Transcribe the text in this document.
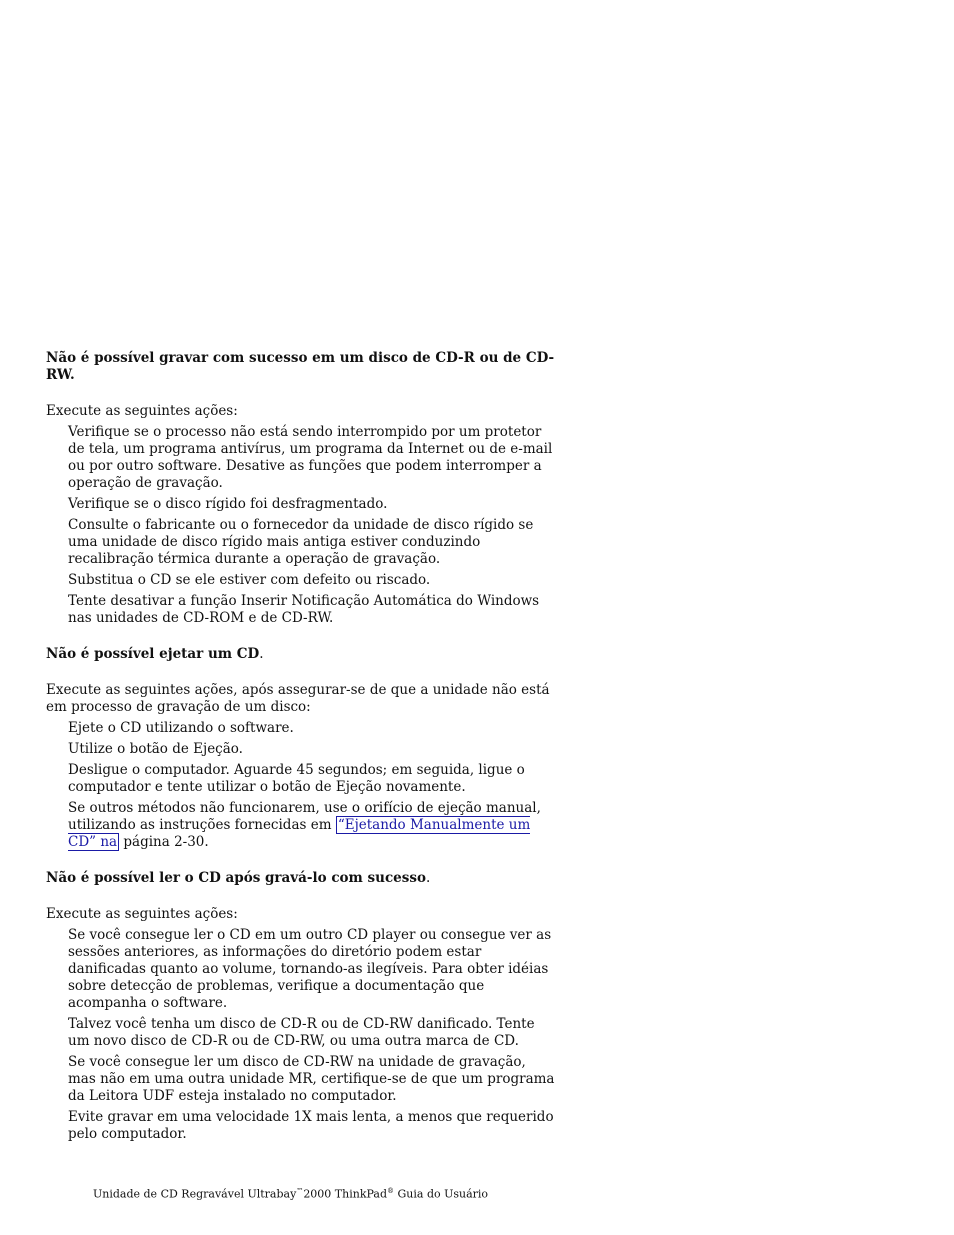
Não é possível gravar com sucesso em um disco de CD-R ou de CD-RW.

Execute as seguintes ações:

Verifique se o processo não está sendo interrompido por um protetor de tela, um programa antivírus, um programa da Internet ou de e-mail ou por outro software. Desative as funções que podem interromper a operação de gravação.

Verifique se o disco rígido foi desfragmentado.

Consulte o fabricante ou o fornecedor da unidade de disco rígido se uma unidade de disco rígido mais antiga estiver conduzindo recalibração térmica durante a operação de gravação.

Substitua o CD se ele estiver com defeito ou riscado.

Tente desativar a função Inserir Notificação Automática do Windows nas unidades de CD-ROM e de CD-RW.

Não é possível ejetar um CD.

Execute as seguintes ações, após assegurar-se de que a unidade não está em processo de gravação de um disco:

Ejete o CD utilizando o software.

Utilize o botão de Ejeção.

Desligue o computador. Aguarde 45 segundos; em seguida, ligue o computador e tente utilizar o botão de Ejeção novamente.

Se outros métodos não funcionarem, use o orifício de ejeção manual, utilizando as instruções fornecidas em “Ejetando Manualmente um CD” na página 2-30.

Não é possível ler o CD após gravá-lo com sucesso.

Execute as seguintes ações:

Se você consegue ler o CD em um outro CD player ou consegue ver as sessões anteriores, as informações do diretório podem estar danificadas quanto ao volume, tornando-as ilegíveis. Para obter idéias sobre detecção de problemas, verifique a documentação que acompanha o software.

Talvez você tenha um disco de CD-R ou de CD-RW danificado. Tente um novo disco de CD-R ou de CD-RW, ou uma outra marca de CD.

Se você consegue ler um disco de CD-RW na unidade de gravação, mas não em uma outra unidade MR, certifique-se de que um programa da Leitora UDF esteja instalado no computador.

Evite gravar em uma velocidade 1X mais lenta, a menos que requerido pelo computador.

Unidade de CD Regravável Ultrabay™2000 ThinkPad® Guia do Usuário
